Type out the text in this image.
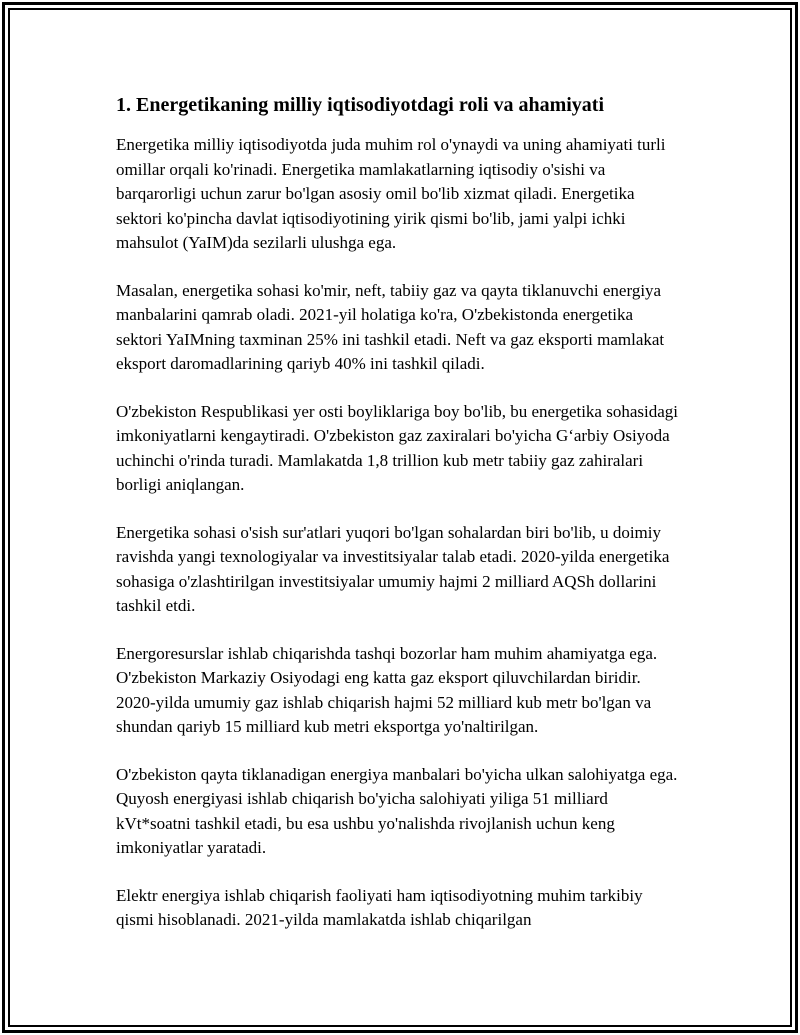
1. Energetikaning milliy iqtisodiyotdagi roli va ahamiyati

Energetika milliy iqtisodiyotda juda muhim rol o'ynaydi va uning ahamiyati turli omillar orqali ko'rinadi. Energetika mamlakatlarning iqtisodiy o'sishi va barqarorligi uchun zarur bo'lgan asosiy omil bo'lib xizmat qiladi. Energetika sektori ko'pincha davlat iqtisodiyotining yirik qismi bo'lib, jami yalpi ichki mahsulot (YaIM)da sezilarli ulushga ega.

Masalan, energetika sohasi ko'mir, neft, tabiiy gaz va qayta tiklanuvchi energiya manbalarini qamrab oladi. 2021-yil holatiga ko'ra, O'zbekistonda energetika sektori YaIMning taxminan 25% ini tashkil etadi. Neft va gaz eksporti mamlakat eksport daromadlarining qariyb 40% ini tashkil qiladi.

O'zbekiston Respublikasi yer osti boyliklariga boy bo'lib, bu energetika sohasidagi imkoniyatlarni kengaytiradi. O'zbekiston gaz zaxiralari bo'yicha G‘arbiy Osiyoda uchinchi o'rinda turadi. Mamlakatda 1,8 trillion kub metr tabiiy gaz zahiralari borligi aniqlangan.

Energetika sohasi o'sish sur'atlari yuqori bo'lgan sohalardan biri bo'lib, u doimiy ravishda yangi texnologiyalar va investitsiyalar talab etadi. 2020-yilda energetika sohasiga o'zlashtirilgan investitsiyalar umumiy hajmi 2 milliard AQSh dollarini tashkil etdi.

Energoresurslar ishlab chiqarishda tashqi bozorlar ham muhim ahamiyatga ega. O'zbekiston Markaziy Osiyodagi eng katta gaz eksport qiluvchilardan biridir. 2020-yilda umumiy gaz ishlab chiqarish hajmi 52 milliard kub metr bo'lgan va shundan qariyb 15 milliard kub metri eksportga yo'naltirilgan.

O'zbekiston qayta tiklanadigan energiya manbalari bo'yicha ulkan salohiyatga ega. Quyosh energiyasi ishlab chiqarish bo'yicha salohiyati yiliga 51 milliard kVt*soatni tashkil etadi, bu esa ushbu yo'nalishda rivojlanish uchun keng imkoniyatlar yaratadi.

Elektr energiya ishlab chiqarish faoliyati ham iqtisodiyotning muhim tarkibiy qismi hisoblanadi. 2021-yilda mamlakatda ishlab chiqarilgan
